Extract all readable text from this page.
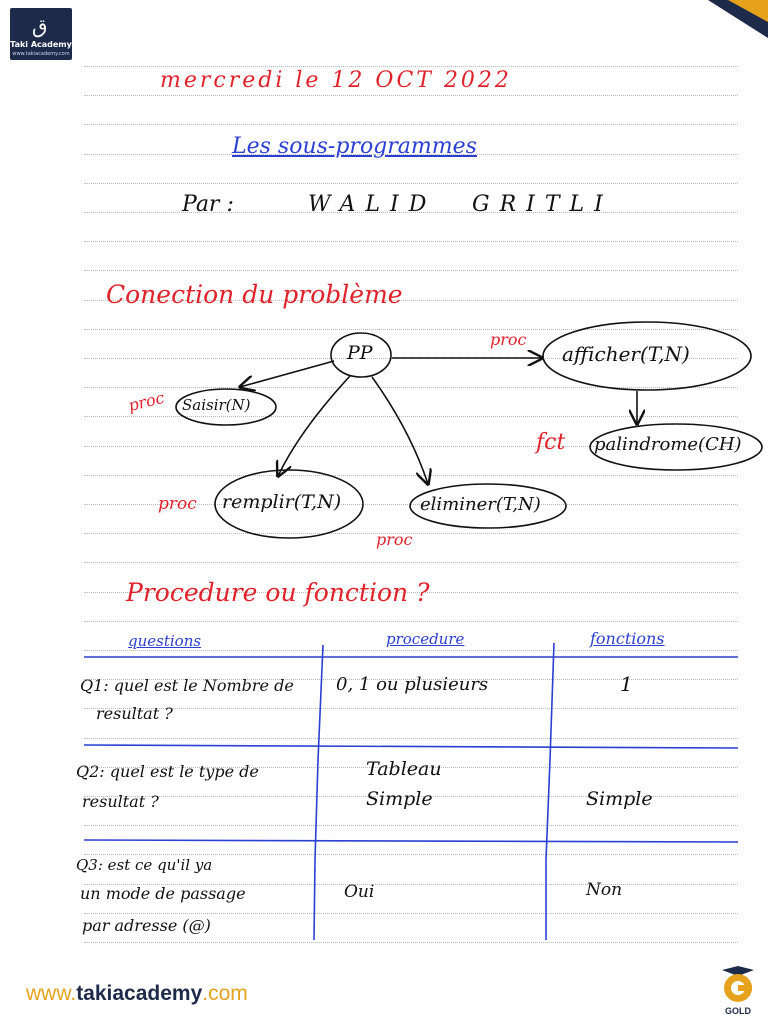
ق
Taki Academy
www.takiacademy.com
mercredi le 12 OCT 2022
Les sous-programmes
Par :	WALID GRITLI
Conection du problème
PP
Saisir(N)
afficher(T,N)
palindrome(CH)
remplir(T,N)	eliminer(T,N)
proc
proc
fct
proc
proc
Procedure ou fonction ?
questions	procedure	fonctions
Q1: quel est le Nombre de
resultat ?
0, 1 ou plusieurs	1
Q2: quel est le type de
resultat ?
Tableau
Simple	Simple
Q3: est ce qu'il ya
un mode de passage
par adresse (@)
Oui	Non
www.takiacademy.com
GOLD
